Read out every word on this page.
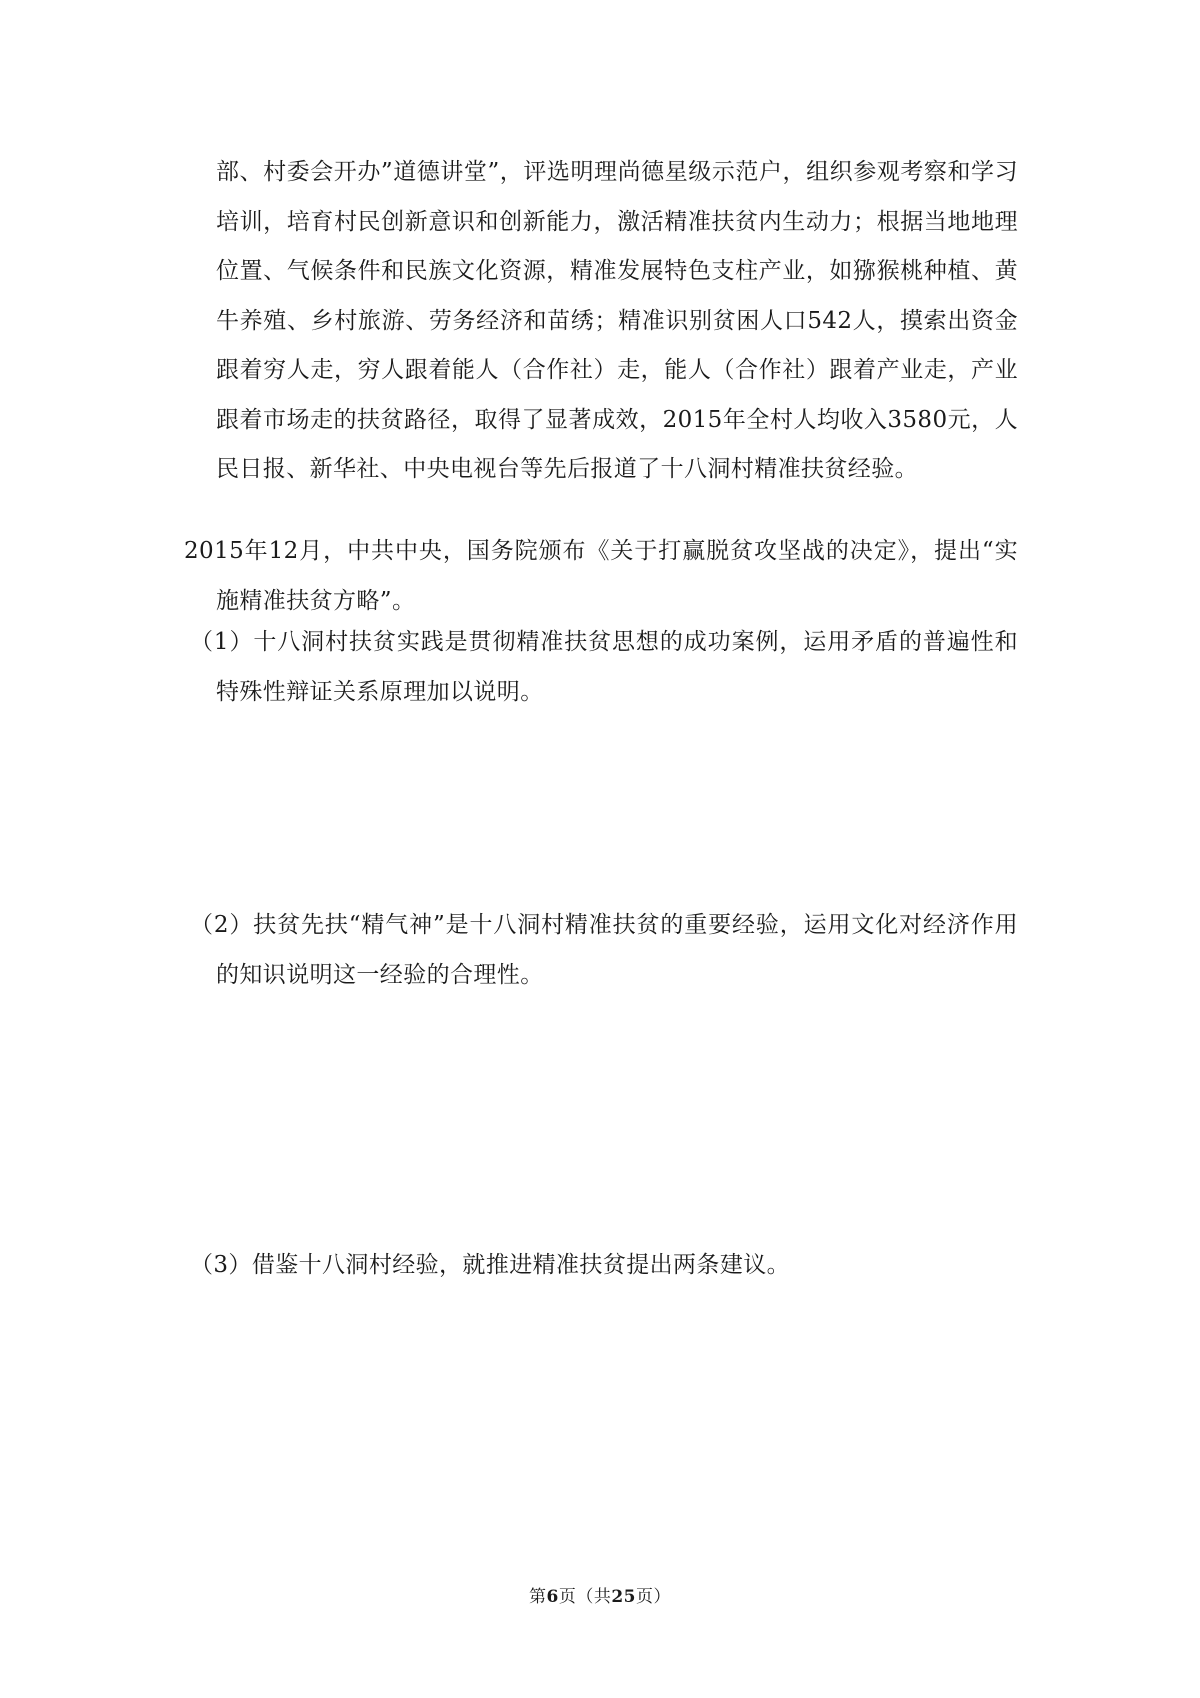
部、村委会开办”道德讲堂”，评选明理尚德星级示范户，组织参观考察和学习培训，培育村民创新意识和创新能力，激活精准扶贫内生动力；根据当地地理位置、气候条件和民族文化资源，精准发展特色支柱产业，如猕猴桃种植、黄牛养殖、乡村旅游、劳务经济和苗绣；精准识别贫困人口542人，摸索出资金跟着穷人走，穷人跟着能人（合作社）走，能人（合作社）跟着产业走，产业跟着市场走的扶贫路径，取得了显著成效，2015年全村人均收入3580元，人民日报、新华社、中央电视台等先后报道了十八洞村精准扶贫经验。

2015年12月，中共中央，国务院颁布《关于打赢脱贫攻坚战的决定》，提出“实施精准扶贫方略”。

（1）十八洞村扶贫实践是贯彻精准扶贫思想的成功案例，运用矛盾的普遍性和特殊性辩证关系原理加以说明。

（2）扶贫先扶“精气神”是十八洞村精准扶贫的重要经验，运用文化对经济作用的知识说明这一经验的合理性。

（3）借鉴十八洞村经验，就推进精准扶贫提出两条建议。

第6页（共25页）
